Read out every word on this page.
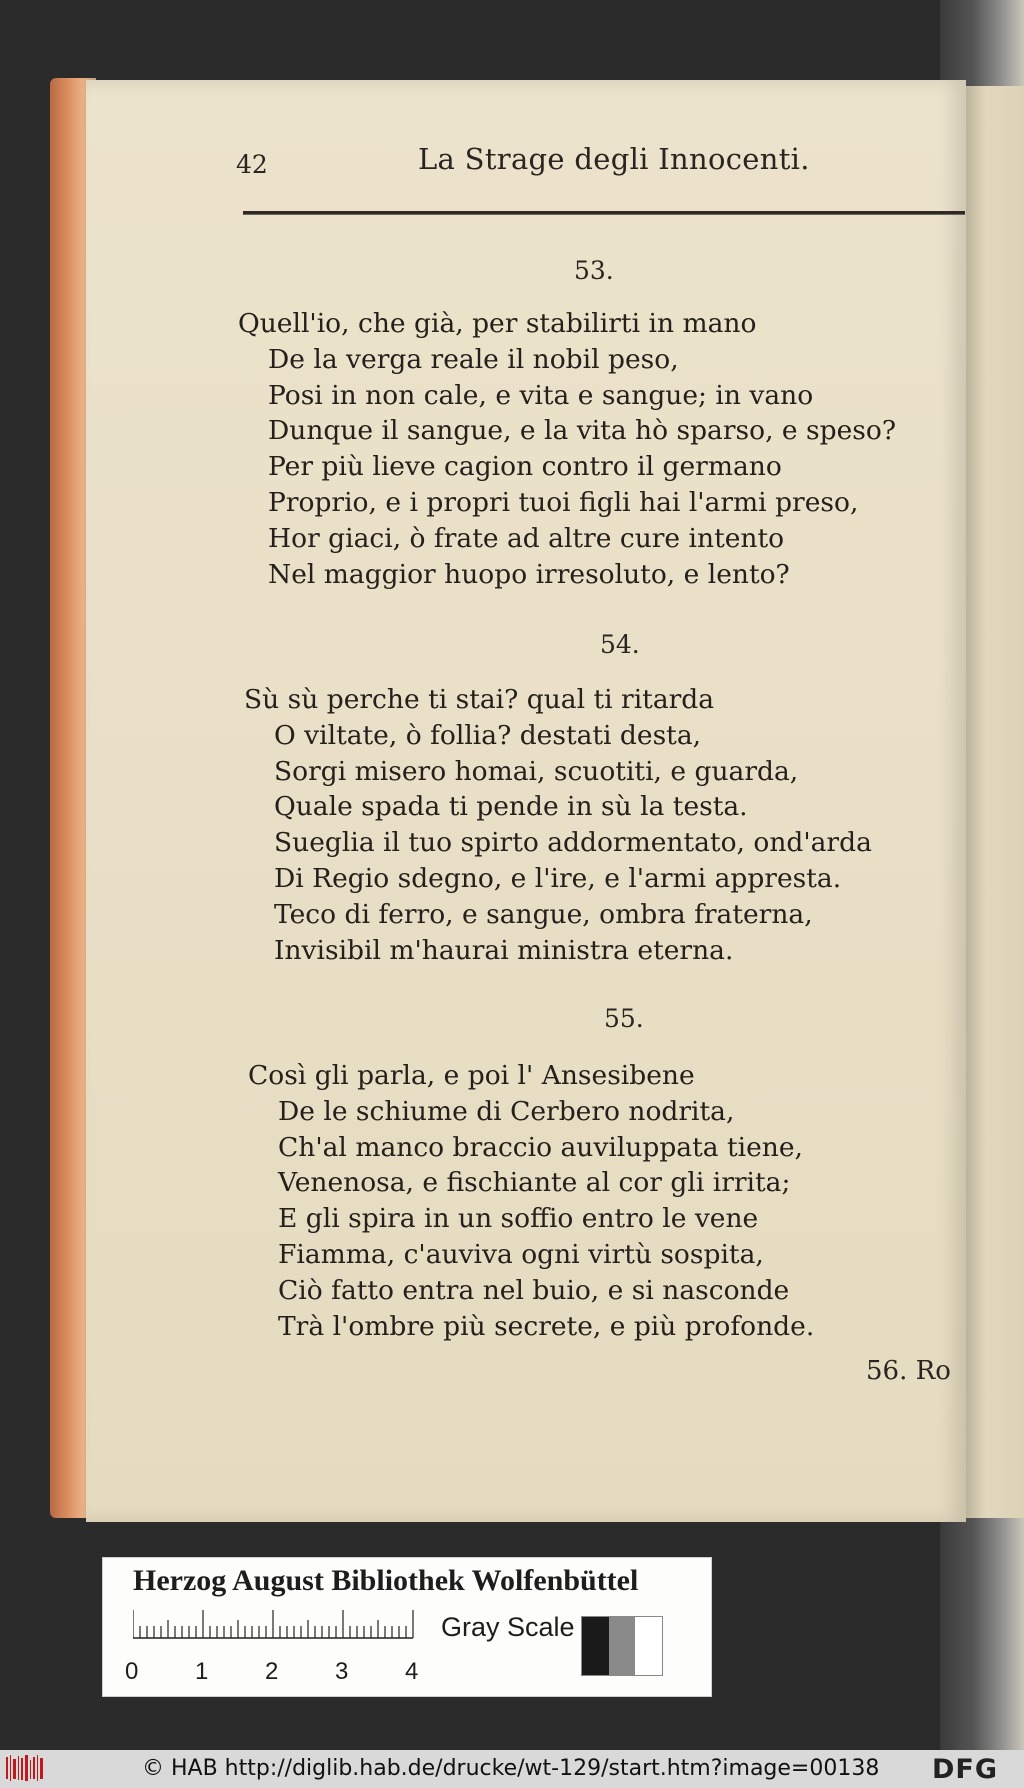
42	La Strage degli Innocenti.
53.
Quell'io, che già, per stabilirti in mano
De la verga reale il nobil peso,
Posi in non cale, e vita e sangue; in vano
Dunque il sangue, e la vita hò sparso, e speso?
Per più lieve cagion contro il germano
Proprio, e i propri tuoi figli hai l'armi preso,
Hor giaci, ò frate ad altre cure intento
Nel maggior huopo irresoluto, e lento?
54.
Sù sù perche ti stai? qual ti ritarda
O viltate, ò follia? destati desta,
Sorgi misero homai, scuotiti, e guarda,
Quale spada ti pende in sù la testa.
Sueglia il tuo spirto addormentato, ond'arda
Di Regio sdegno, e l'ire, e l'armi appresta.
Teco di ferro, e sangue, ombra fraterna,
Invisibil m'haurai ministra eterna.
55.
Così gli parla, e poi l' Ansesibene
De le schiume di Cerbero nodrita,
Ch'al manco braccio auviluppata tiene,
Venenosa, e fischiante al cor gli irrita;
E gli spira in un soffio entro le vene
Fiamma, c'auviva ogni virtù sospita,
Ciò fatto entra nel buio, e si nasconde
Trà l'ombre più secrete, e più profonde.
56. Ro
Herzog August Bibliothek Wolfenbüttel
0 1 2 3 4
Gray Scale
© HAB http://diglib.hab.de/drucke/wt-129/start.htm?image=00138 DFG
